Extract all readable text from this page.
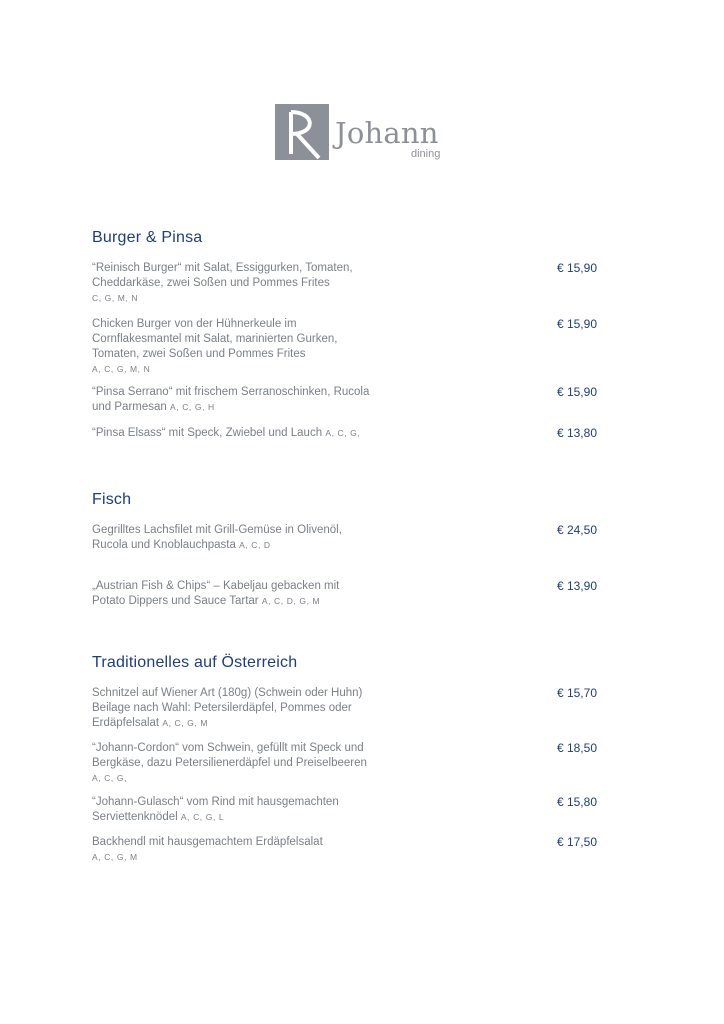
Johann
dining
Burger & Pinsa
“Reinisch Burger“ mit Salat, Essiggurken, Tomaten,
Cheddarkäse, zwei Soßen und Pommes Frites
C, G, M, N
€ 15,90
Chicken Burger von der Hühnerkeule im
Cornflakesmantel mit Salat, marinierten Gurken,
Tomaten, zwei Soßen und Pommes Frites
A, C, G, M, N
€ 15,90
“Pinsa Serrano“ mit frischem Serranoschinken, Rucola
und Parmesan A, C, G, H
€ 15,90
“Pinsa Elsass“ mit Speck, Zwiebel und Lauch A, C, G,	€ 13,80
Fisch
Gegrilltes Lachsfilet mit Grill-Gemüse in Olivenöl,
Rucola und Knoblauchpasta A, C, D
€ 24,50
„Austrian Fish & Chips“ – Kabeljau gebacken mit
Potato Dippers und Sauce Tartar A, C, D, G, M
€ 13,90
Traditionelles auf Österreich
Schnitzel auf Wiener Art (180g) (Schwein oder Huhn)
Beilage nach Wahl: Petersilerdäpfel, Pommes oder
Erdäpfelsalat A, C, G, M
€ 15,70
“Johann-Cordon“ vom Schwein, gefüllt mit Speck und
Bergkäse, dazu Petersilienerdäpfel und Preiselbeeren
A, C, G,
€ 18,50
“Johann-Gulasch“ vom Rind mit hausgemachten
Serviettenknödel A, C, G, L
€ 15,80
Backhendl mit hausgemachtem Erdäpfelsalat
A, C, G, M
€ 17,50
